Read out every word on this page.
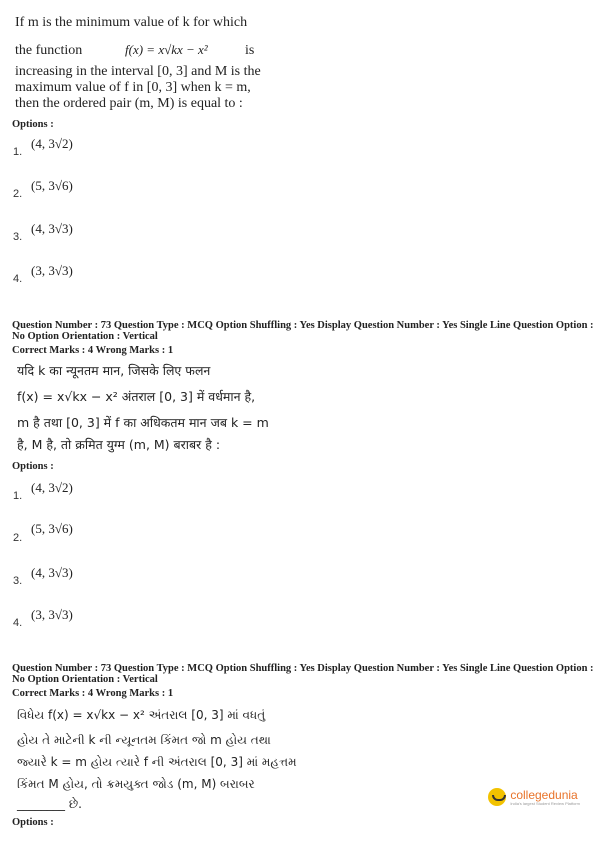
If m is the minimum value of k for which
the function	f(x) = x√kx − x²	is
increasing in the interval [0, 3] and M is the
maximum value of f in [0, 3] when k = m,
then the ordered pair (m, M) is equal to :
Options :
1.
(4, 3√2)
2.
(5, 3√6)
3.
(4, 3√3)
4.
(3, 3√3)
Question Number : 73 Question Type : MCQ Option Shuffling : Yes Display Question Number : Yes Single Line Question Option :
No Option Orientation : Vertical
Correct Marks : 4 Wrong Marks : 1
यदि k का न्यूनतम मान, जिसके लिए फलन
f(x) = x√kx − x² अंतराल [0, 3] में वर्धमान है,
m है तथा [0, 3] में f का अधिकतम मान जब k = m
है, M है, तो क्रमित युग्म (m, M) बराबर है :
Options :
1.
(4, 3√2)
2.
(5, 3√6)
3.
(4, 3√3)
4.
(3, 3√3)
Question Number : 73 Question Type : MCQ Option Shuffling : Yes Display Question Number : Yes Single Line Question Option :
No Option Orientation : Vertical
Correct Marks : 4 Wrong Marks : 1
વિધેય f(x) = x√kx − x² અંતરાલ [0, 3] માં વધતું
હોય તે માટેની k ની ન્યૂનતમ કિંમત જો m હોય તથા
જ્યારે k = m હોય ત્યારે f ની અંતરાલ [0, 3] માં મહત્તમ
કિંમત M હોય, તો ક્રમયુક્ત જોડ (m, M) બરાબર
________ છે.
Options :
collegedunia
India's largest Student Review Platform
